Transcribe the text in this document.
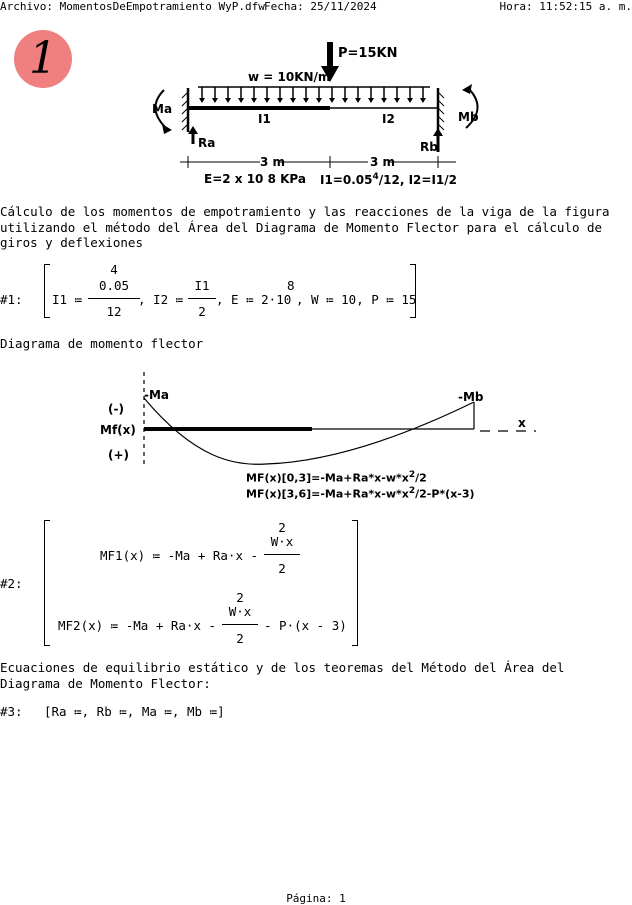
Archivo: MomentosDeEmpotramiento WyP.dfw Fecha: 25/11/2024	Hora: 11:52:15 a. m.
1	P=15KN
w = 10KN/m
Ma
Mb
I1	I2
Ra	Rb
3 m	3 m
E=2 x 10 8 KPa $I1=0.05^4/12$, I2=I1/2
Cálculo de los momentos de empotramiento y las reacciones de la viga de la figura utilizando el método del Área del Diagrama de Momento Flector para el cálculo de giros y deflexiones
#1: I1 ≔
4
0.05
12
, I2 ≔
I1
2
, E ≔ 2·10
8
, W ≔ 10, P ≔ 15
Diagrama de momento flector
-Ma	-Mb
(-)
Mf(x)
(+)
x
$MF(x)[0,3]=-Ma+Ra*x-w*x^2/2$
$MF(x)[3,6]=-Ma+Ra*x-w*x^2/2-P*(x-3)$
#2:
MF1(x) ≔ -Ma + Ra·x -
2
W·x
2
MF2(x) ≔ -Ma + Ra·x -
2
W·x
2
- P·(x - 3)
Ecuaciones de equilibrio estático y de los teoremas del Método del Área del Diagrama de Momento Flector:
#3: [Ra ≔, Rb ≔, Ma ≔, Mb ≔]
Página: 1
